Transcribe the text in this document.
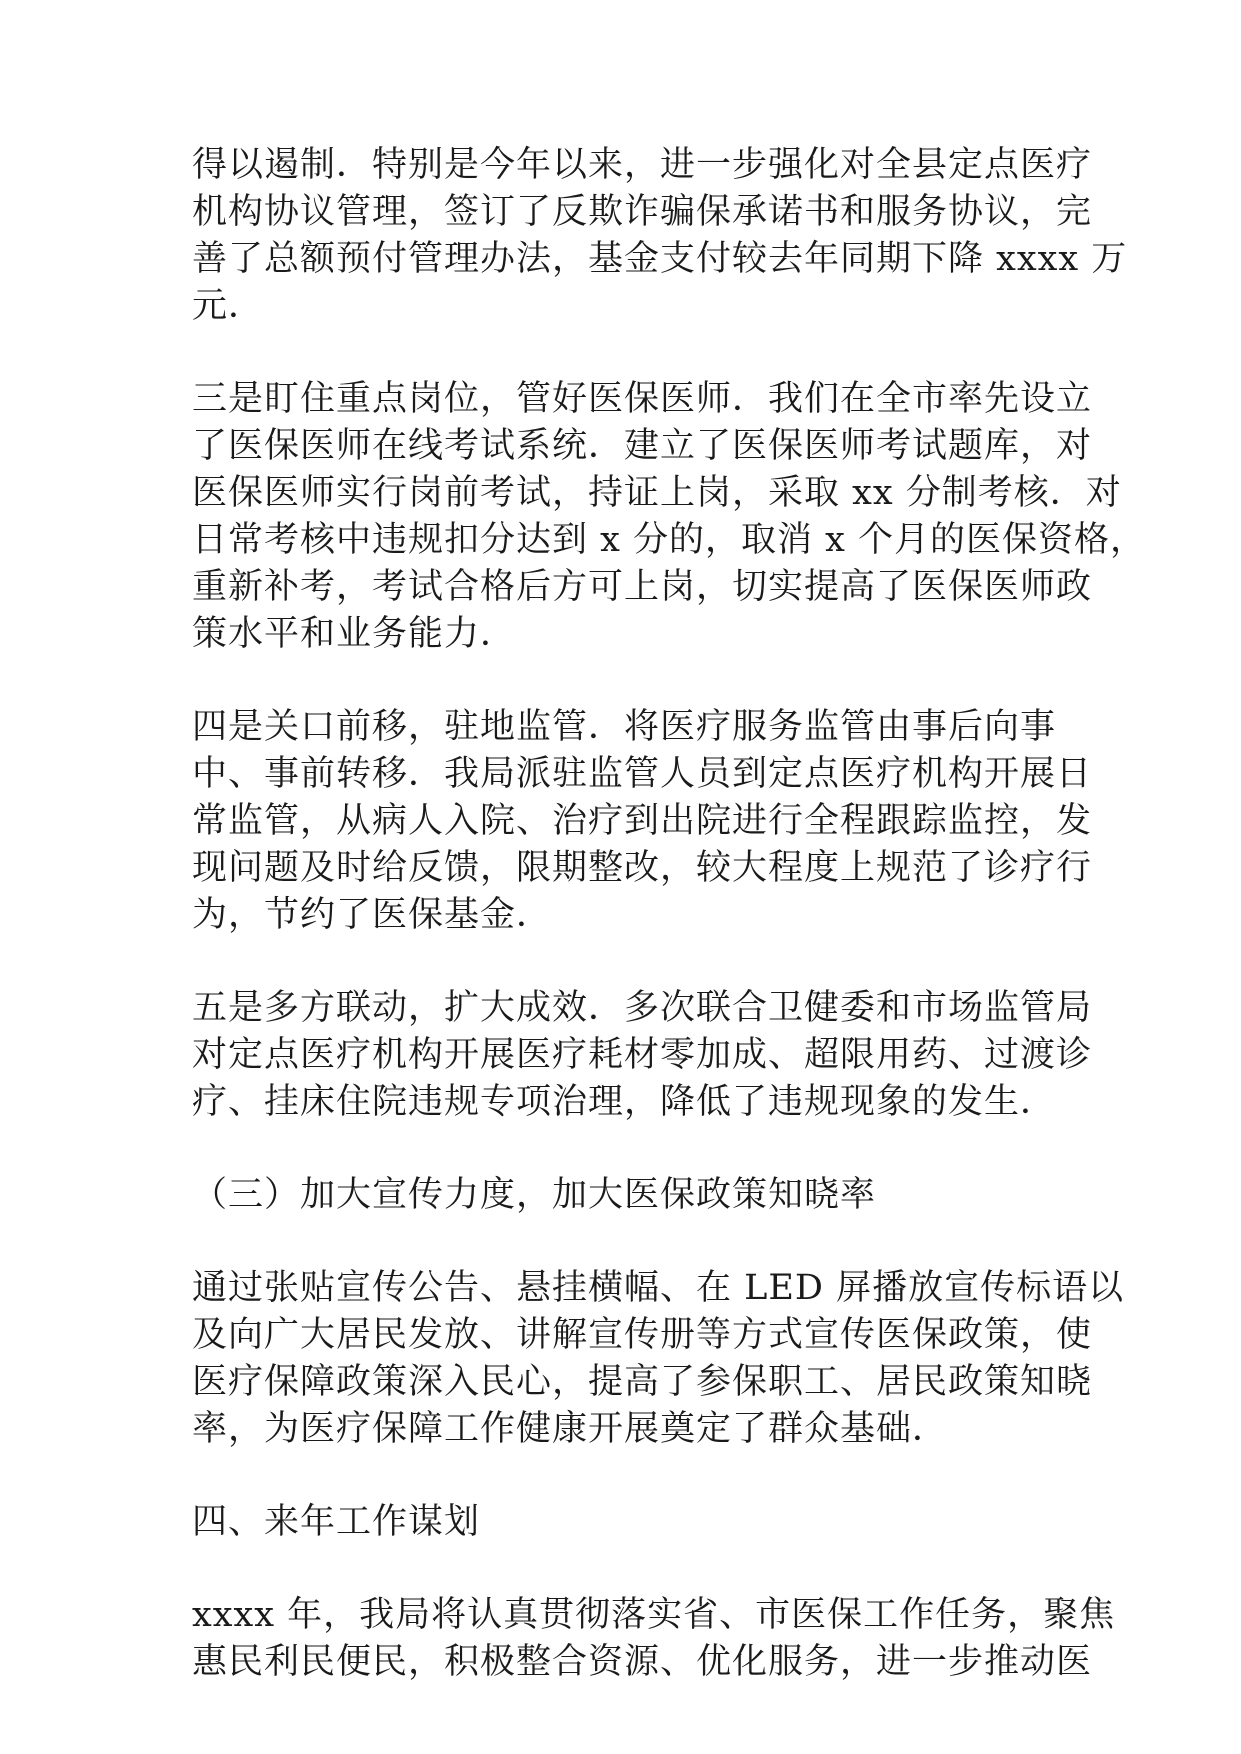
得以遏制．特别是今年以来，进一步强化对全县定点医疗
机构协议管理，签订了反欺诈骗保承诺书和服务协议，完
善了总额预付管理办法，基金支付较去年同期下降 xxxx 万
元．

三是盯住重点岗位，管好医保医师．我们在全市率先设立
了医保医师在线考试系统．建立了医保医师考试题库，对
医保医师实行岗前考试，持证上岗，采取 xx 分制考核．对
日常考核中违规扣分达到 x 分的，取消 x 个月的医保资格，
重新补考，考试合格后方可上岗，切实提高了医保医师政
策水平和业务能力．

四是关口前移，驻地监管．将医疗服务监管由事后向事
中、事前转移．我局派驻监管人员到定点医疗机构开展日
常监管，从病人入院、治疗到出院进行全程跟踪监控，发
现问题及时给反馈，限期整改，较大程度上规范了诊疗行
为，节约了医保基金．

五是多方联动，扩大成效．多次联合卫健委和市场监管局
对定点医疗机构开展医疗耗材零加成、超限用药、过渡诊
疗、挂床住院违规专项治理，降低了违规现象的发生．

（三）加大宣传力度，加大医保政策知晓率

通过张贴宣传公告、悬挂横幅、在 LED 屏播放宣传标语以
及向广大居民发放、讲解宣传册等方式宣传医保政策，使
医疗保障政策深入民心，提高了参保职工、居民政策知晓
率，为医疗保障工作健康开展奠定了群众基础．

四、来年工作谋划

xxxx 年，我局将认真贯彻落实省、市医保工作任务，聚焦
惠民利民便民，积极整合资源、优化服务，进一步推动医
